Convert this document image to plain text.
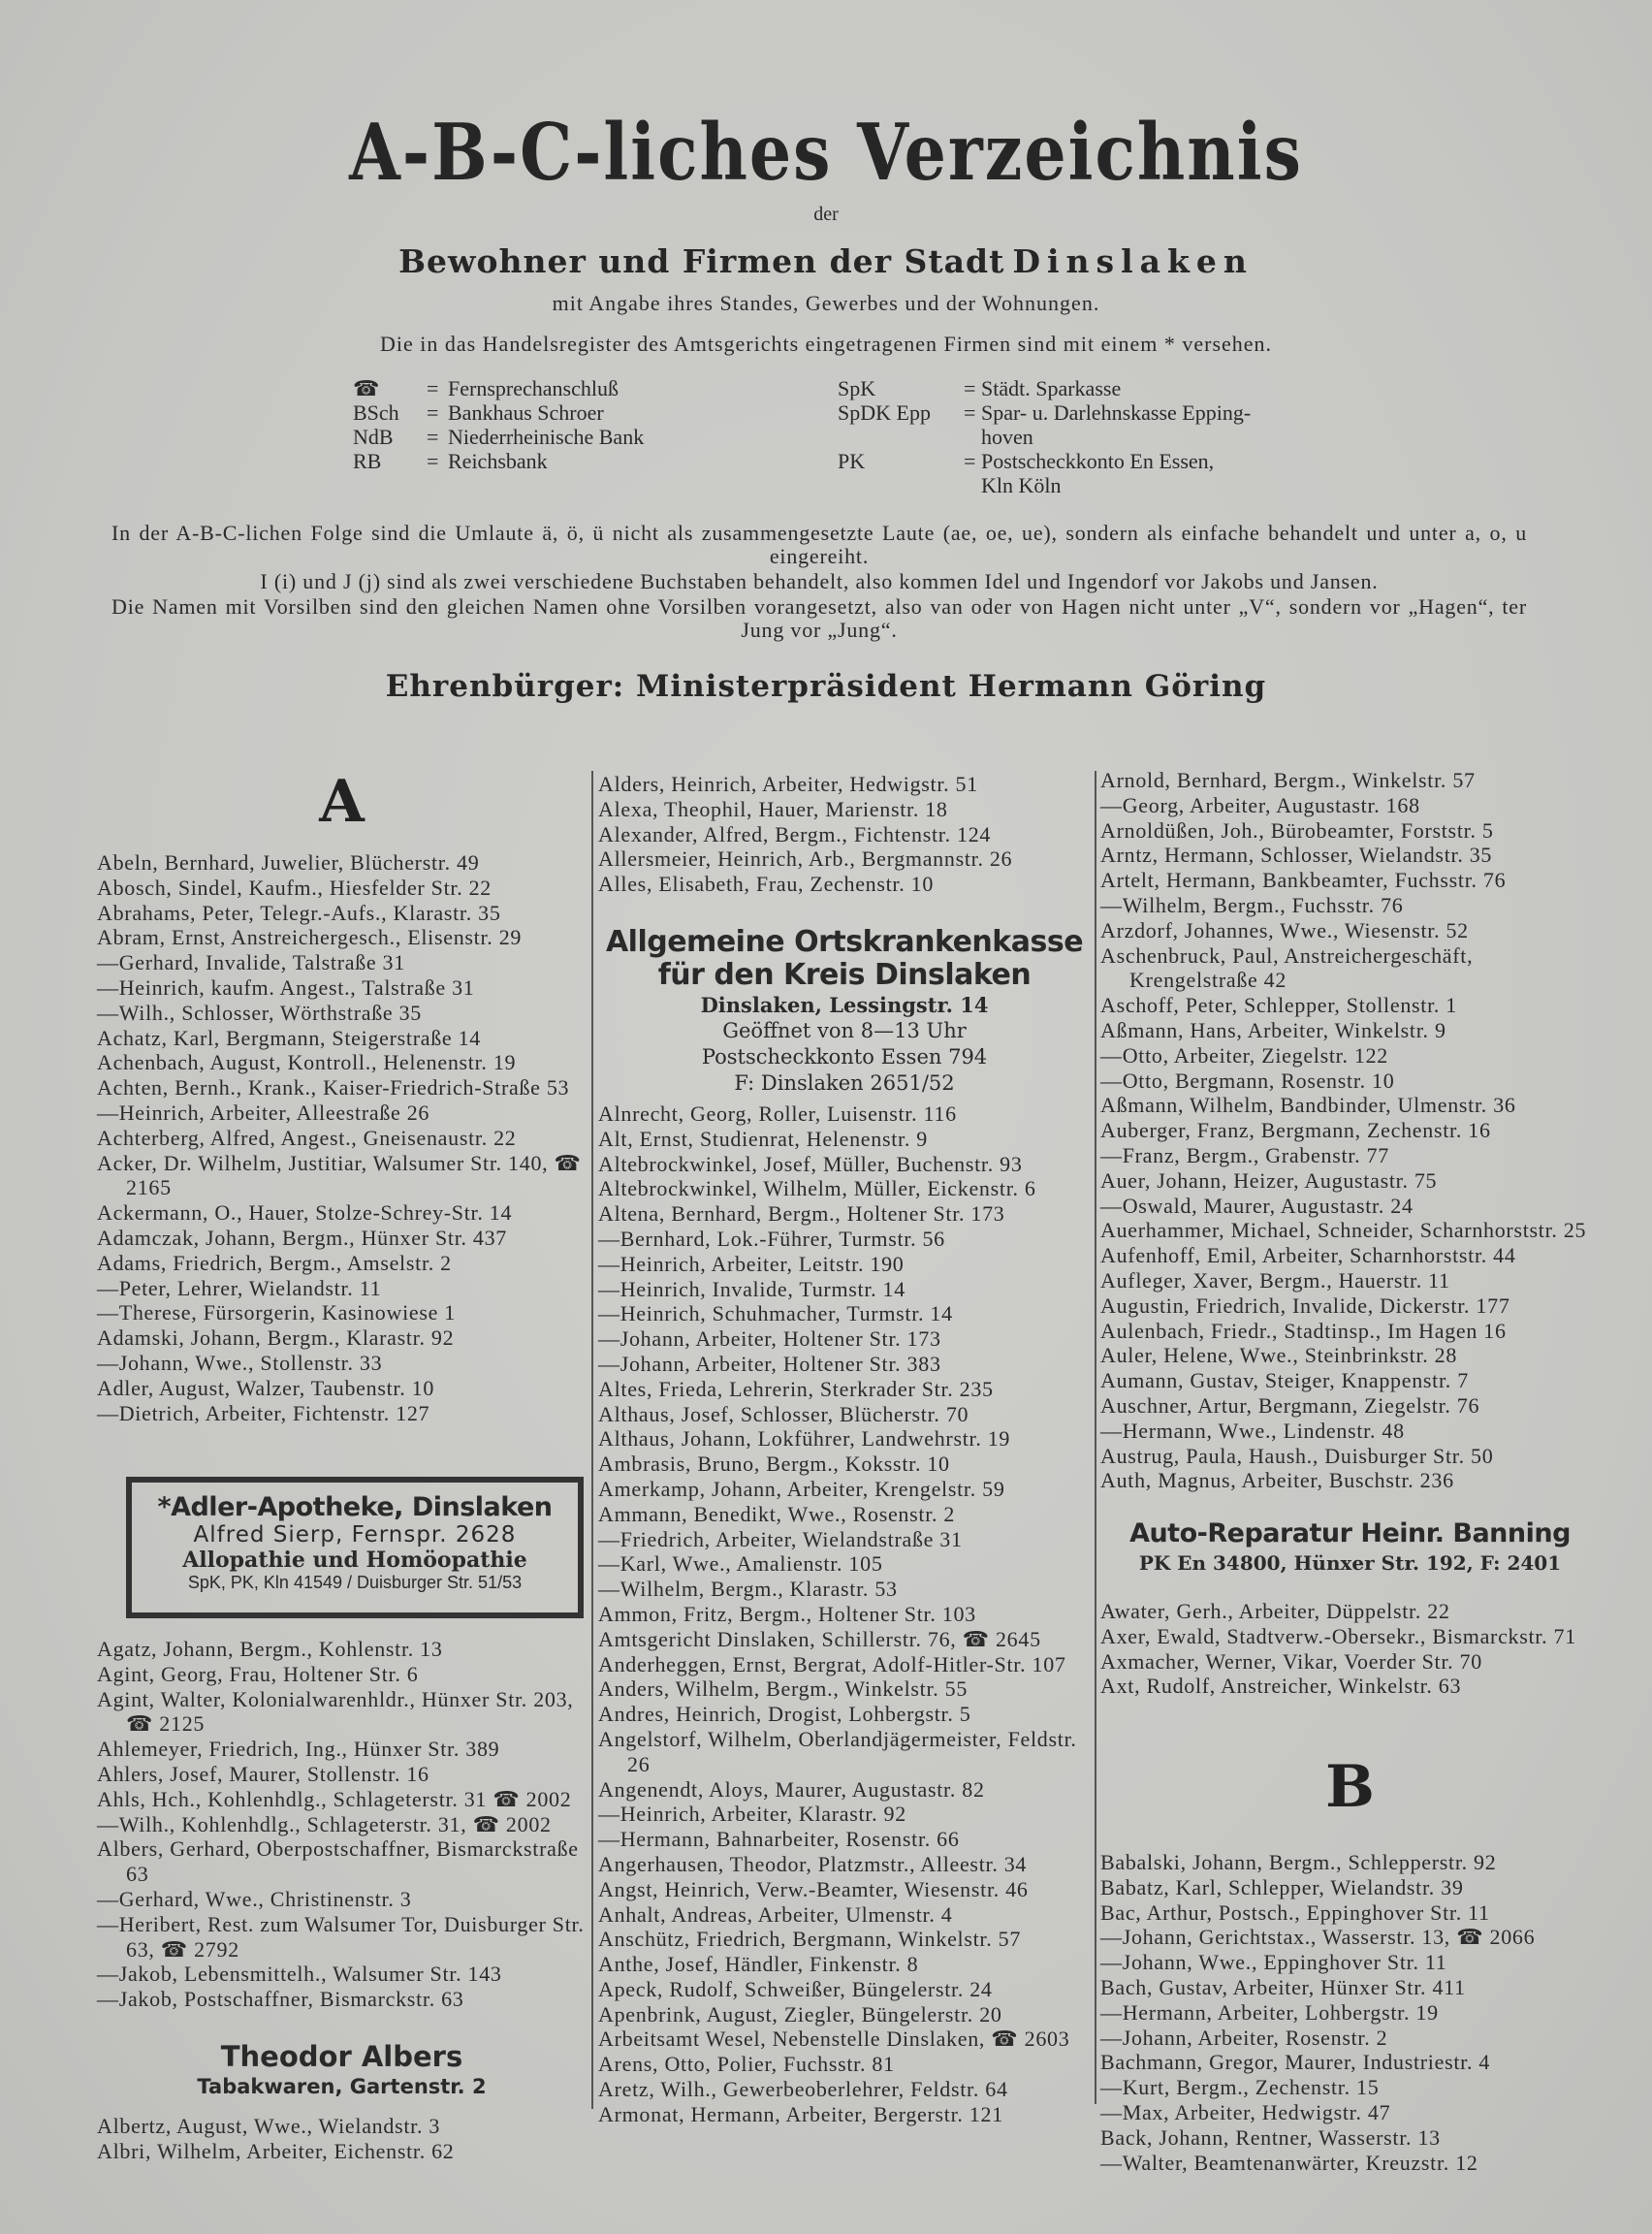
A-B-C-liches Verzeichnis
der
Bewohner und Firmen der Stadt Dinslaken
mit Angabe ihres Standes, Gewerbes und der Wohnungen.
Die in das Handelsregister des Amtsgerichts eingetragenen Firmen sind mit einem * versehen.
☎ = Fernsprechanschluß
BSch = Bankhaus Schroer
NdB = Niederrheinische Bank
RB = Reichsbank
SpK	= Städt. Sparkasse
SpDK Epp = Spar- u. Darlehnskasse Epping-
hoven
PK	= Postscheckkonto En Essen,
Kln Köln

In der A-B-C-lichen Folge sind die Umlaute ä, ö, ü nicht als zusammengesetzte Laute (ae, oe, ue), sondern als einfache behandelt und unter a, o, u eingereiht.

I (i) und J (j) sind als zwei verschiedene Buchstaben behandelt, also kommen Idel und Ingendorf vor Jakobs und Jansen.

Die Namen mit Vorsilben sind den gleichen Namen ohne Vorsilben vorangesetzt, also van oder von Hagen nicht unter „V“, sondern vor „Hagen“, ter Jung vor „Jung“.

Ehrenbürger: Ministerpräsident Hermann Göring
A
Abeln, Bernhard, Juwelier, Blücherstr. 49
Abosch, Sindel, Kaufm., Hiesfelder Str. 22
Abrahams, Peter, Telegr.-Aufs., Klarastr. 35
Abram, Ernst, Anstreichergesch., Elisenstr. 29
—Gerhard, Invalide, Talstraße 31
—Heinrich, kaufm. Angest., Talstraße 31
—Wilh., Schlosser, Wörthstraße 35
Achatz, Karl, Bergmann, Steigerstraße 14
Achenbach, August, Kontroll., Helenenstr. 19
Achten, Bernh., Krank., Kaiser-Friedrich-Straße 53
—Heinrich, Arbeiter, Alleestraße 26
Achterberg, Alfred, Angest., Gneisenaustr. 22
Acker, Dr. Wilhelm, Justitiar, Walsumer Str. 140, ☎ 2165
Ackermann, O., Hauer, Stolze-Schrey-Str. 14
Adamczak, Johann, Bergm., Hünxer Str. 437
Adams, Friedrich, Bergm., Amselstr. 2
—Peter, Lehrer, Wielandstr. 11
—Therese, Fürsorgerin, Kasinowiese 1
Adamski, Johann, Bergm., Klarastr. 92
—Johann, Wwe., Stollenstr. 33
Adler, August, Walzer, Taubenstr. 10
—Dietrich, Arbeiter, Fichtenstr. 127
*Adler-Apotheke, Dinslaken
Alfred Sierp, Fernspr. 2628
Allopathie und Homöopathie
SpK, PK, Kln 41549 / Duisburger Str. 51/53
Agatz, Johann, Bergm., Kohlenstr. 13
Agint, Georg, Frau, Holtener Str. 6
Agint, Walter, Kolonialwarenhldr., Hünxer Str. 203, ☎ 2125
Ahlemeyer, Friedrich, Ing., Hünxer Str. 389
Ahlers, Josef, Maurer, Stollenstr. 16
Ahls, Hch., Kohlenhdlg., Schlageterstr. 31 ☎ 2002
—Wilh., Kohlenhdlg., Schlageterstr. 31, ☎ 2002
Albers, Gerhard, Oberpostschaffner, Bismarckstraße 63
—Gerhard, Wwe., Christinenstr. 3
—Heribert, Rest. zum Walsumer Tor, Duisburger Str. 63, ☎ 2792
—Jakob, Lebensmittelh., Walsumer Str. 143
—Jakob, Postschaffner, Bismarckstr. 63
Theodor Albers
Tabakwaren, Gartenstr. 2
Albertz, August, Wwe., Wielandstr. 3
Albri, Wilhelm, Arbeiter, Eichenstr. 62
Alders, Heinrich, Arbeiter, Hedwigstr. 51
Alexa, Theophil, Hauer, Marienstr. 18
Alexander, Alfred, Bergm., Fichtenstr. 124
Allersmeier, Heinrich, Arb., Bergmannstr. 26
Alles, Elisabeth, Frau, Zechenstr. 10
Allgemeine Ortskrankenkasse
für den Kreis Dinslaken
Dinslaken, Lessingstr. 14
Geöffnet von 8—13 Uhr
Postscheckkonto Essen 794
F: Dinslaken 2651/52
Alnrecht, Georg, Roller, Luisenstr. 116
Alt, Ernst, Studienrat, Helenenstr. 9
Altebrockwinkel, Josef, Müller, Buchenstr. 93
Altebrockwinkel, Wilhelm, Müller, Eickenstr. 6
Altena, Bernhard, Bergm., Holtener Str. 173
—Bernhard, Lok.-Führer, Turmstr. 56
—Heinrich, Arbeiter, Leitstr. 190
—Heinrich, Invalide, Turmstr. 14
—Heinrich, Schuhmacher, Turmstr. 14
—Johann, Arbeiter, Holtener Str. 173
—Johann, Arbeiter, Holtener Str. 383
Altes, Frieda, Lehrerin, Sterkrader Str. 235
Althaus, Josef, Schlosser, Blücherstr. 70
Althaus, Johann, Lokführer, Landwehrstr. 19
Ambrasis, Bruno, Bergm., Koksstr. 10
Amerkamp, Johann, Arbeiter, Krengelstr. 59
Ammann, Benedikt, Wwe., Rosenstr. 2
—Friedrich, Arbeiter, Wielandstraße 31
—Karl, Wwe., Amalienstr. 105
—Wilhelm, Bergm., Klarastr. 53
Ammon, Fritz, Bergm., Holtener Str. 103
Amtsgericht Dinslaken, Schillerstr. 76, ☎ 2645
Anderheggen, Ernst, Bergrat, Adolf-Hitler-Str. 107
Anders, Wilhelm, Bergm., Winkelstr. 55
Andres, Heinrich, Drogist, Lohbergstr. 5
Angelstorf, Wilhelm, Oberlandjägermeister, Feldstr. 26
Angenendt, Aloys, Maurer, Augustastr. 82
—Heinrich, Arbeiter, Klarastr. 92
—Hermann, Bahnarbeiter, Rosenstr. 66
Angerhausen, Theodor, Platzmstr., Alleestr. 34
Angst, Heinrich, Verw.-Beamter, Wiesenstr. 46
Anhalt, Andreas, Arbeiter, Ulmenstr. 4
Anschütz, Friedrich, Bergmann, Winkelstr. 57
Anthe, Josef, Händler, Finkenstr. 8
Apeck, Rudolf, Schweißer, Büngelerstr. 24
Apenbrink, August, Ziegler, Büngelerstr. 20
Arbeitsamt Wesel, Nebenstelle Dinslaken, ☎ 2603
Arens, Otto, Polier, Fuchsstr. 81
Aretz, Wilh., Gewerbeoberlehrer, Feldstr. 64
Armonat, Hermann, Arbeiter, Bergerstr. 121
Arnold, Bernhard, Bergm., Winkelstr. 57
—Georg, Arbeiter, Augustastr. 168
Arnoldüßen, Joh., Bürobeamter, Forststr. 5
Arntz, Hermann, Schlosser, Wielandstr. 35
Artelt, Hermann, Bankbeamter, Fuchsstr. 76
—Wilhelm, Bergm., Fuchsstr. 76
Arzdorf, Johannes, Wwe., Wiesenstr. 52
Aschenbruck, Paul, Anstreichergeschäft, Krengelstraße 42
Aschoff, Peter, Schlepper, Stollenstr. 1
Aßmann, Hans, Arbeiter, Winkelstr. 9
—Otto, Arbeiter, Ziegelstr. 122
—Otto, Bergmann, Rosenstr. 10
Aßmann, Wilhelm, Bandbinder, Ulmenstr. 36
Auberger, Franz, Bergmann, Zechenstr. 16
—Franz, Bergm., Grabenstr. 77
Auer, Johann, Heizer, Augustastr. 75
—Oswald, Maurer, Augustastr. 24
Auerhammer, Michael, Schneider, Scharnhorststr. 25
Aufenhoff, Emil, Arbeiter, Scharnhorststr. 44
Aufleger, Xaver, Bergm., Hauerstr. 11
Augustin, Friedrich, Invalide, Dickerstr. 177
Aulenbach, Friedr., Stadtinsp., Im Hagen 16
Auler, Helene, Wwe., Steinbrinkstr. 28
Aumann, Gustav, Steiger, Knappenstr. 7
Auschner, Artur, Bergmann, Ziegelstr. 76
—Hermann, Wwe., Lindenstr. 48
Austrug, Paula, Haush., Duisburger Str. 50
Auth, Magnus, Arbeiter, Buschstr. 236
Auto-Reparatur Heinr. Banning
PK En 34800, Hünxer Str. 192, F: 2401
Awater, Gerh., Arbeiter, Düppelstr. 22
Axer, Ewald, Stadtverw.-Obersekr., Bismarckstr. 71
Axmacher, Werner, Vikar, Voerder Str. 70
Axt, Rudolf, Anstreicher, Winkelstr. 63
B
Babalski, Johann, Bergm., Schlepperstr. 92
Babatz, Karl, Schlepper, Wielandstr. 39
Bac, Arthur, Postsch., Eppinghover Str. 11
—Johann, Gerichtstax., Wasserstr. 13, ☎ 2066
—Johann, Wwe., Eppinghover Str. 11
Bach, Gustav, Arbeiter, Hünxer Str. 411
—Hermann, Arbeiter, Lohbergstr. 19
—Johann, Arbeiter, Rosenstr. 2
Bachmann, Gregor, Maurer, Industriestr. 4
—Kurt, Bergm., Zechenstr. 15
—Max, Arbeiter, Hedwigstr. 47
Back, Johann, Rentner, Wasserstr. 13
—Walter, Beamtenanwärter, Kreuzstr. 12
